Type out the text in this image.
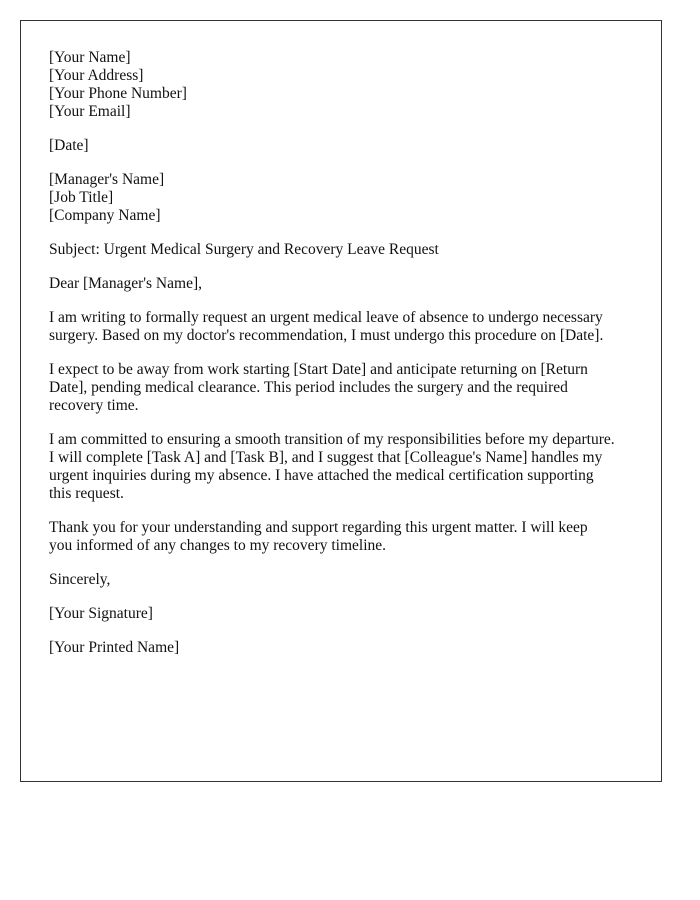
[Your Name]
[Your Address]
[Your Phone Number]
[Your Email]
[Date]
[Manager's Name]
[Job Title]
[Company Name]
Subject: Urgent Medical Surgery and Recovery Leave Request
Dear [Manager's Name],
I am writing to formally request an urgent medical leave of absence to undergo necessary
surgery. Based on my doctor's recommendation, I must undergo this procedure on [Date].
I expect to be away from work starting [Start Date] and anticipate returning on [Return
Date], pending medical clearance. This period includes the surgery and the required
recovery time.
I am committed to ensuring a smooth transition of my responsibilities before my departure.
I will complete [Task A] and [Task B], and I suggest that [Colleague's Name] handles my
urgent inquiries during my absence. I have attached the medical certification supporting
this request.
Thank you for your understanding and support regarding this urgent matter. I will keep
you informed of any changes to my recovery timeline.
Sincerely,
[Your Signature]
[Your Printed Name]
